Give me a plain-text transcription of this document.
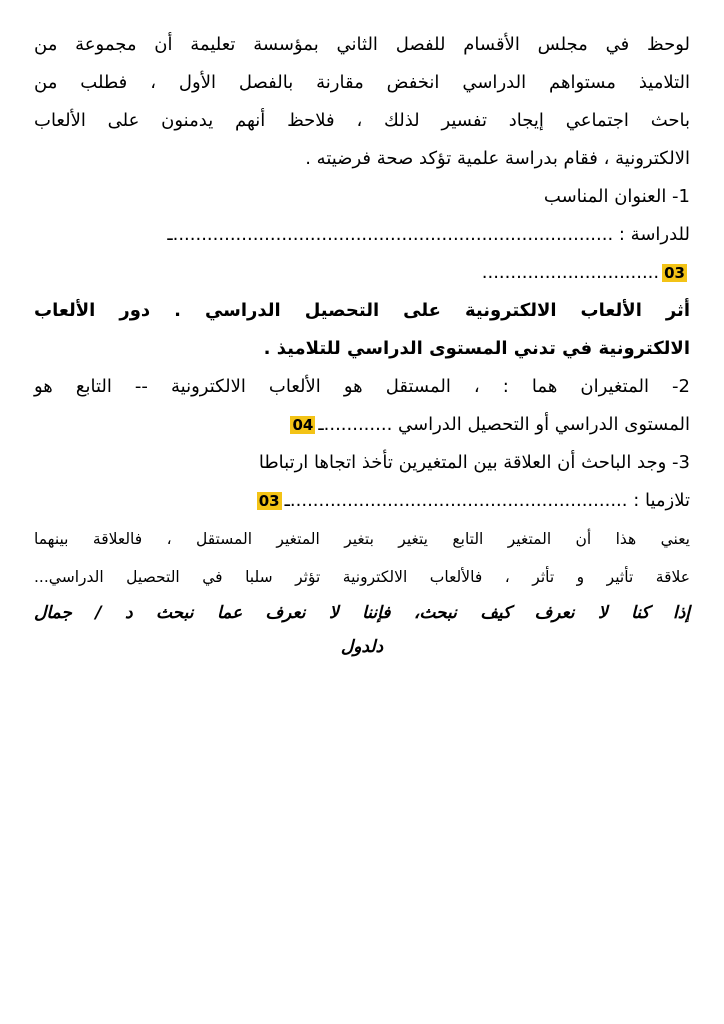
لوحظ في مجلس الأقسام للفصل الثاني بمؤسسة تعليمة أن مجموعة من
التلاميذ مستواهم الدراسي انخفض مقارنة بالفصل الأول ، فطلب من
باحث اجتماعي إيجاد تفسير لذلك ، فلاحظ أنهم يدمنون على الألعاب
الالكترونية ، فقام بدراسة علمية تؤكد صحة فرضيته .
1- العنوان المناسب
للدراسة : .............................................................................ـ
03...............................
أثر الألعاب الالكترونية على التحصيل الدراسي . دور الألعاب
الالكترونية في تدني المستوى الدراسي للتلاميذ .
2- المتغيران هما : ، المستقل هو الألعاب الالكترونية -- التابع هو
المستوى الدراسي أو التحصيل الدراسي ............ـ04
3- وجد الباحث أن العلاقة بين المتغيرين تأخذ اتجاها ارتباطا
تلازميا : ...........................................................ـ03
يعني هذا أن المتغير التابع يتغير بتغير المتغير المستقل ، فالعلاقة بينهما
علاقة تأثير و تأثر ، فالألعاب الالكترونية تؤثر سلبا في التحصيل الدراسي...
إذا كنا لا نعرف كيف نبحث، فإننا لا نعرف عما نبحث د / جمال
دلدول
